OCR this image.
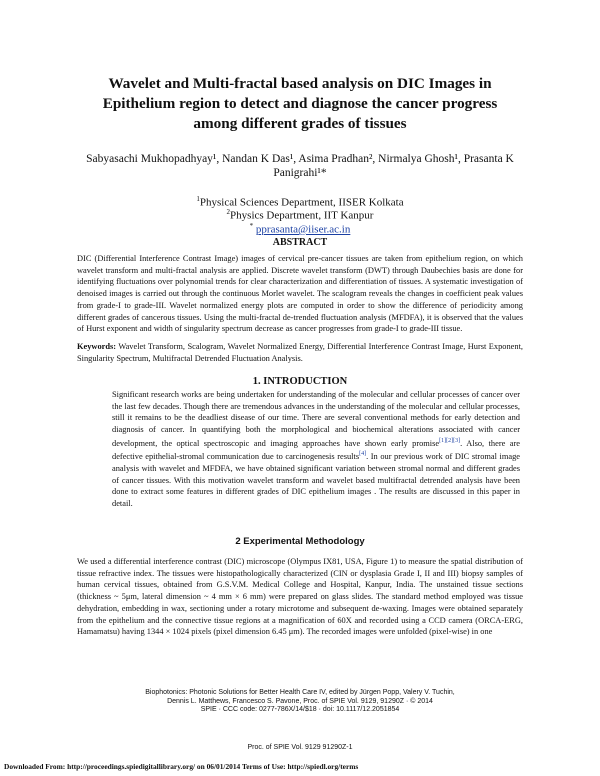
Wavelet and Multi-fractal based analysis on DIC Images in Epithelium region to detect and diagnose the cancer progress among different grades of tissues
Sabyasachi Mukhopadhyay¹, Nandan K Das¹, Asima Pradhan², Nirmalya Ghosh¹, Prasanta K Panigrahi¹*
$^1$Physical Sciences Department, IISER Kolkata
$^2$Physics Department, IIT Kanpur
* pprasanta@iiser.ac.in
ABSTRACT
DIC (Differential Interference Contrast Image) images of cervical pre-cancer tissues are taken from epithelium region, on which wavelet transform and multi-fractal analysis are applied. Discrete wavelet transform (DWT) through Daubechies basis are done for identifying fluctuations over polynomial trends for clear characterization and differentiation of tissues. A systematic investigation of denoised images is carried out through the continuous Morlet wavelet. The scalogram reveals the changes in coefficient peak values from grade-I to grade-III. Wavelet normalized energy plots are computed in order to show the difference of periodicity among different grades of cancerous tissues. Using the multi-fractal de-trended fluctuation analysis (MFDFA), it is observed that the values of Hurst exponent and width of singularity spectrum decrease as cancer progresses from grade-I to grade-III tissue.
Keywords: Wavelet Transform, Scalogram, Wavelet Normalized Energy, Differential Interference Contrast Image, Hurst Exponent, Singularity Spectrum, Multifractal Detrended Fluctuation Analysis.
1. INTRODUCTION
Significant research works are being undertaken for understanding of the molecular and cellular processes of cancer over the last few decades. Though there are tremendous advances in the understanding of the molecular and cellular processes, still it remains to be the deadliest disease of our time. There are several conventional methods for early detection and diagnosis of cancer. In quantifying both the morphological and biochemical alterations associated with cancer development, the optical spectroscopic and imaging approaches have shown early promise[1][2][3]. Also, there are defective epithelial-stromal communication due to carcinogenesis results[4]. In our previous work of DIC stromal image analysis with wavelet and MFDFA, we have obtained significant variation between stromal normal and different grades of cancer tissues. With this motivation wavelet transform and wavelet based multifractal detrended analysis have been done to extract some features in different grades of DIC epithelium images . The results are discussed in this paper in detail.
2 Experimental Methodology
We used a differential interference contrast (DIC) microscope (Olympus IX81, USA, Figure 1) to measure the spatial distribution of tissue refractive index. The tissues were histopathologically characterized (CIN or dysplasia Grade I, II and III) biopsy samples of human cervical tissues, obtained from G.S.V.M. Medical College and Hospital, Kanpur, India. The unstained tissue sections (thickness ~ 5μm, lateral dimension ~ 4 mm × 6 mm) were prepared on glass slides. The standard method employed was tissue dehydration, embedding in wax, sectioning under a rotary microtome and subsequent de-waxing. Images were obtained separately from the epithelium and the connective tissue regions at a magnification of 60X and recorded using a CCD camera (ORCA-ERG, Hamamatsu) having 1344 × 1024 pixels (pixel dimension 6.45 μm). The recorded images were unfolded (pixel-wise) in one
Biophotonics: Photonic Solutions for Better Health Care IV, edited by Jürgen Popp, Valery V. Tuchin,
Dennis L. Matthews, Francesco S. Pavone, Proc. of SPIE Vol. 9129, 91290Z · © 2014
SPIE · CCC code: 0277-786X/14/$18 · doi: 10.1117/12.2051854
Proc. of SPIE Vol. 9129 91290Z-1
Downloaded From: http://proceedings.spiedigitallibrary.org/ on 06/01/2014 Terms of Use: http://spiedl.org/terms
